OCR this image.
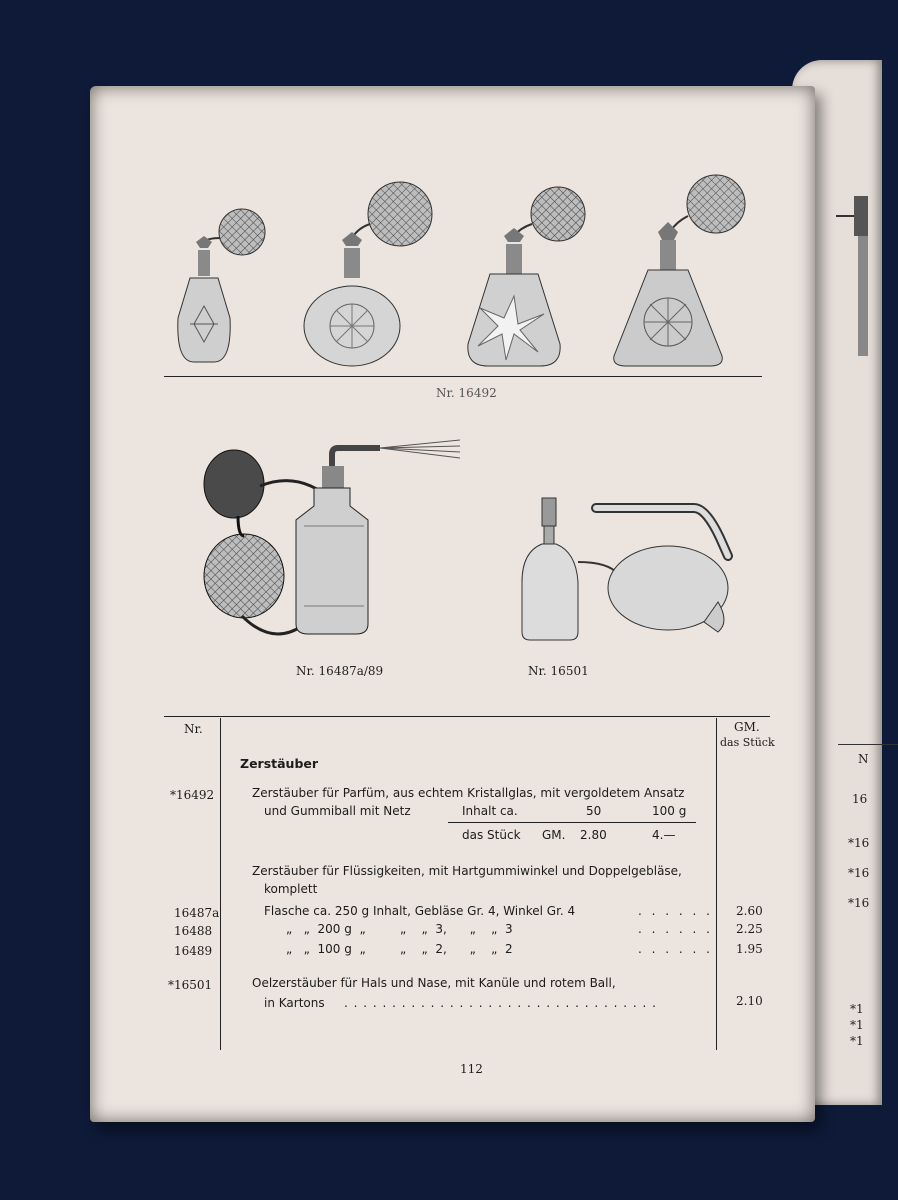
N
16
*16
*16
*16
*1
*1
*1
Nr. 16492
Nr. 16487a/89	Nr. 16501
Nr.	GM.
das Stück
Zerstäuber
*16492	Zerstäuber für Parfüm, aus echtem Kristallglas, mit vergoldetem Ansatz
und Gummiball mit Netz	Inhalt ca.	50	100 g
das Stück GM. 2.80	4.—
Zerstäuber für Flüssigkeiten, mit Hartgummiwinkel und Doppelgebläse,
komplett
16487a	Flasche ca. 250 g Inhalt, Gebläse Gr. 4, Winkel Gr. 4	. . . . . . 2.60
16488	„   „  200 g  „         „    „  3,      „    „  3	. . . . . . 2.25
16489	„   „  100 g  „         „    „  2,      „    „  2	. . . . . . 1.95
*16501	Oelzerstäuber für Hals und Nase, mit Kanüle und rotem Ball,
in Kartons . . . . . . . . . . . . . . . . . . . . . . . . . . . . . . . . .	2.10
112
